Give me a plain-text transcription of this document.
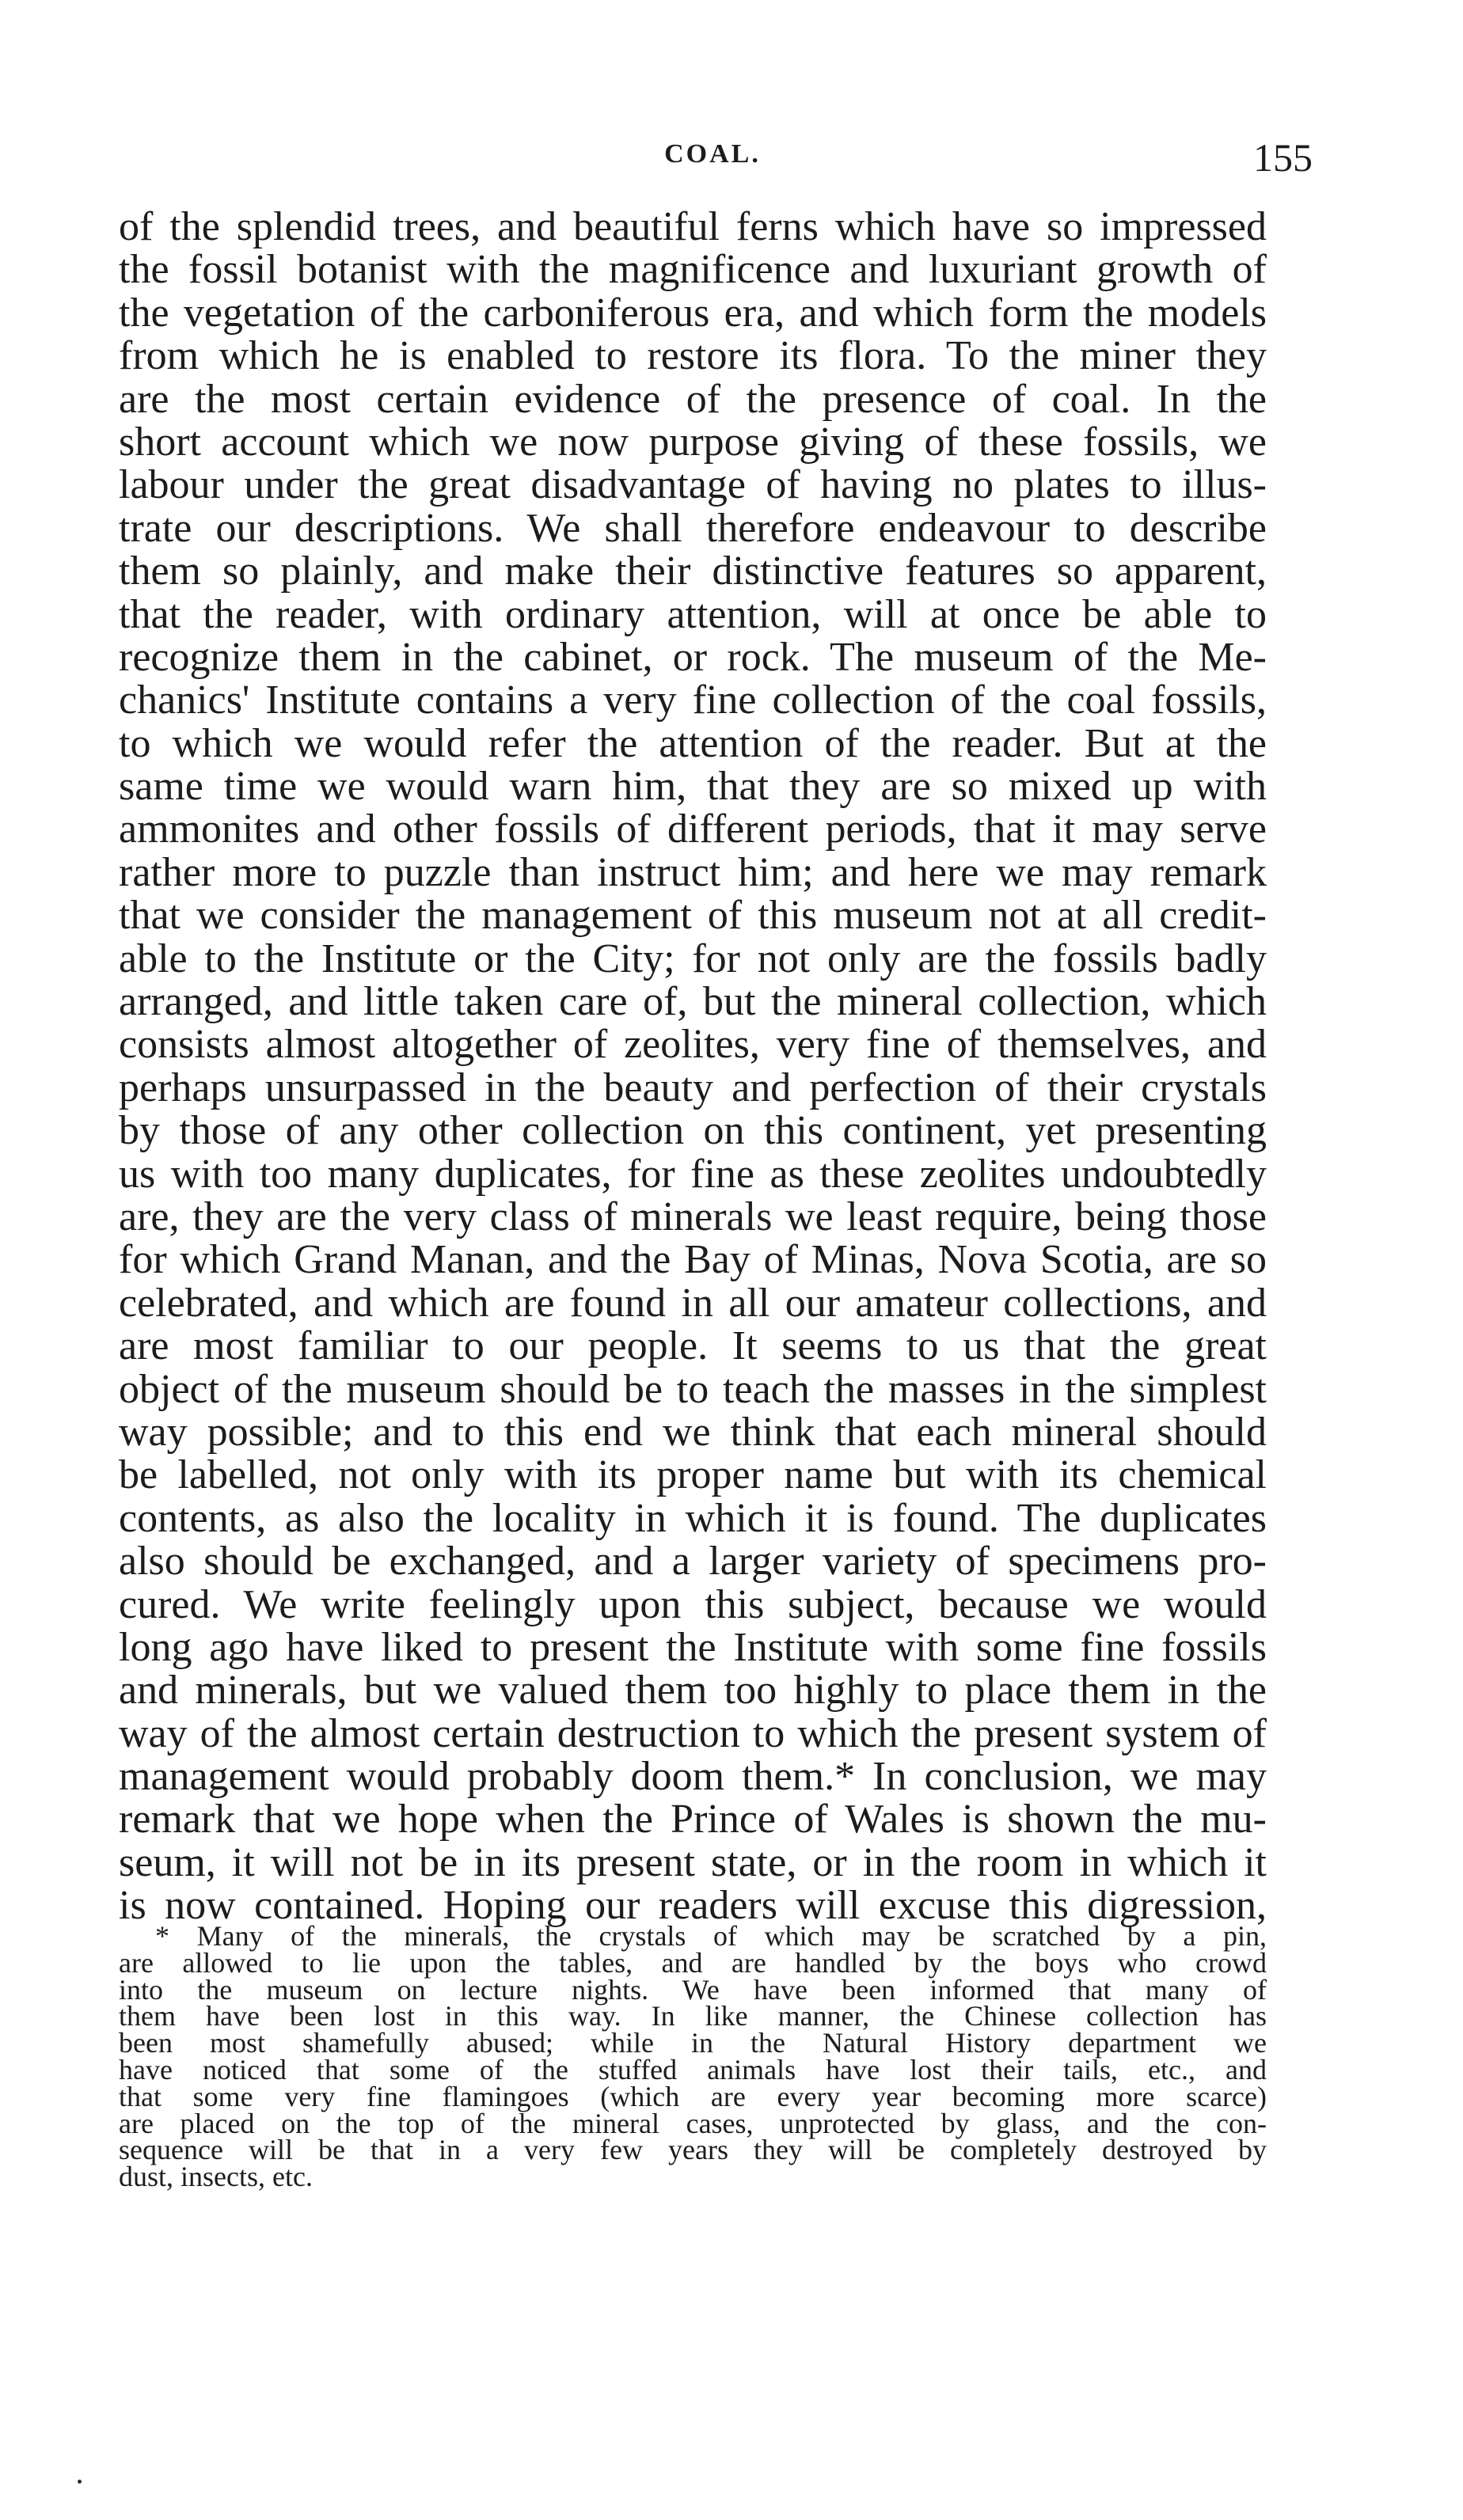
COAL.	155
of the splendid trees, and beautiful ferns which have so impressed
the fossil botanist with the magnificence and luxuriant growth of
the vegetation of the carboniferous era, and which form the models
from which he is enabled to restore its flora. To the miner they
are the most certain evidence of the presence of coal. In the
short account which we now purpose giving of these fossils, we
labour under the great disadvantage of having no plates to illus-
trate our descriptions. We shall therefore endeavour to describe
them so plainly, and make their distinctive features so apparent,
that the reader, with ordinary attention, will at once be able to
recognize them in the cabinet, or rock. The museum of the Me-
chanics' Institute contains a very fine collection of the coal fossils,
to which we would refer the attention of the reader. But at the
same time we would warn him, that they are so mixed up with
ammonites and other fossils of different periods, that it may serve
rather more to puzzle than instruct him; and here we may remark
that we consider the management of this museum not at all credit-
able to the Institute or the City; for not only are the fossils badly
arranged, and little taken care of, but the mineral collection, which
consists almost altogether of zeolites, very fine of themselves, and
perhaps unsurpassed in the beauty and perfection of their crystals
by those of any other collection on this continent, yet presenting
us with too many duplicates, for fine as these zeolites undoubtedly
are, they are the very class of minerals we least require, being those
for which Grand Manan, and the Bay of Minas, Nova Scotia, are so
celebrated, and which are found in all our amateur collections, and
are most familiar to our people. It seems to us that the great
object of the museum should be to teach the masses in the simplest
way possible; and to this end we think that each mineral should
be labelled, not only with its proper name but with its chemical
contents, as also the locality in which it is found. The duplicates
also should be exchanged, and a larger variety of specimens pro-
cured. We write feelingly upon this subject, because we would
long ago have liked to present the Institute with some fine fossils
and minerals, but we valued them too highly to place them in the
way of the almost certain destruction to which the present system of
management would probably doom them.* In conclusion, we may
remark that we hope when the Prince of Wales is shown the mu-
seum, it will not be in its present state, or in the room in which it
is now contained. Hoping our readers will excuse this digression,
* Many of the minerals, the crystals of which may be scratched by a pin,
are allowed to lie upon the tables, and are handled by the boys who crowd
into the museum on lecture nights. We have been informed that many of
them have been lost in this way. In like manner, the Chinese collection has
been most shamefully abused; while in the Natural History department we
have noticed that some of the stuffed animals have lost their tails, etc., and
that some very fine flamingoes (which are every year becoming more scarce)
are placed on the top of the mineral cases, unprotected by glass, and the con-
sequence will be that in a very few years they will be completely destroyed by
dust, insects, etc.
